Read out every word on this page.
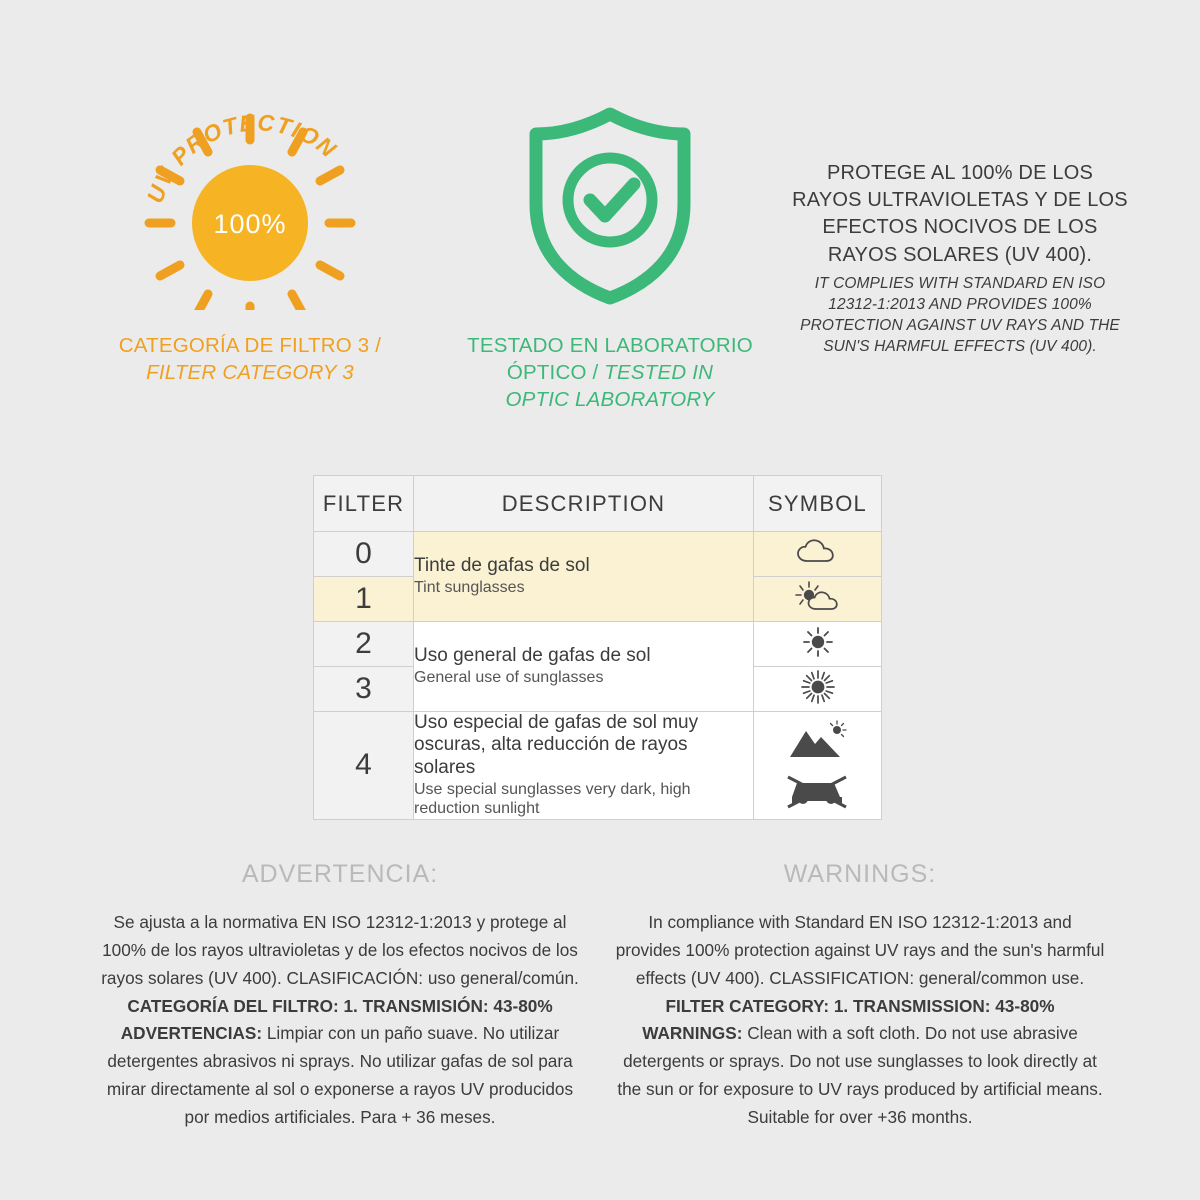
100%
UV PROTECTION
CATEGORÍA DE FILTRO 3 /
FILTER CATEGORY 3
TESTADO EN LABORATORIO
ÓPTICO / TESTED IN
OPTIC LABORATORY
PROTEGE AL 100% DE LOS RAYOS ULTRAVIOLETAS Y DE LOS EFECTOS NOCIVOS DE LOS RAYOS SOLARES (UV 400).
IT COMPLIES WITH STANDARD EN ISO 12312-1:2013 AND PROVIDES 100% PROTECTION AGAINST UV RAYS AND THE SUN'S HARMFUL EFFECTS (UV 400).
FILTER	DESCRIPTION	SYMBOL
0	Tinte de gafas de sol
Tint sunglasses

1	
2	Uso general de gafas de sol
General use of sunglasses

3	
4	Uso especial de gafas de sol muy oscuras, alta reducción de rayos solares
Use special sunglasses very dark, high reduction sunlight

ADVERTENCIA:
Se ajusta a la normativa EN ISO 12312-1:2013 y protege al 100% de los rayos ultravioletas y de los efectos nocivos de los rayos solares (UV 400). CLASIFICACIÓN: uso general/común. CATEGORÍA DEL FILTRO: 1. TRANSMISIÓN: 43-80% ADVERTENCIAS: Limpiar con un paño suave. No utilizar detergentes abrasivos ni sprays. No utilizar gafas de sol para mirar directamente al sol o exponerse a rayos UV producidos por medios artificiales. Para + 36 meses.
WARNINGS:
In compliance with Standard EN ISO 12312-1:2013 and provides 100% protection against UV rays and the sun's harmful effects (UV 400). CLASSIFICATION: general/common use. FILTER CATEGORY: 1. TRANSMISSION: 43-80% WARNINGS: Clean with a soft cloth. Do not use abrasive detergents or sprays. Do not use sunglasses to look directly at the sun or for exposure to UV rays produced by artificial means. Suitable for over +36 months.
